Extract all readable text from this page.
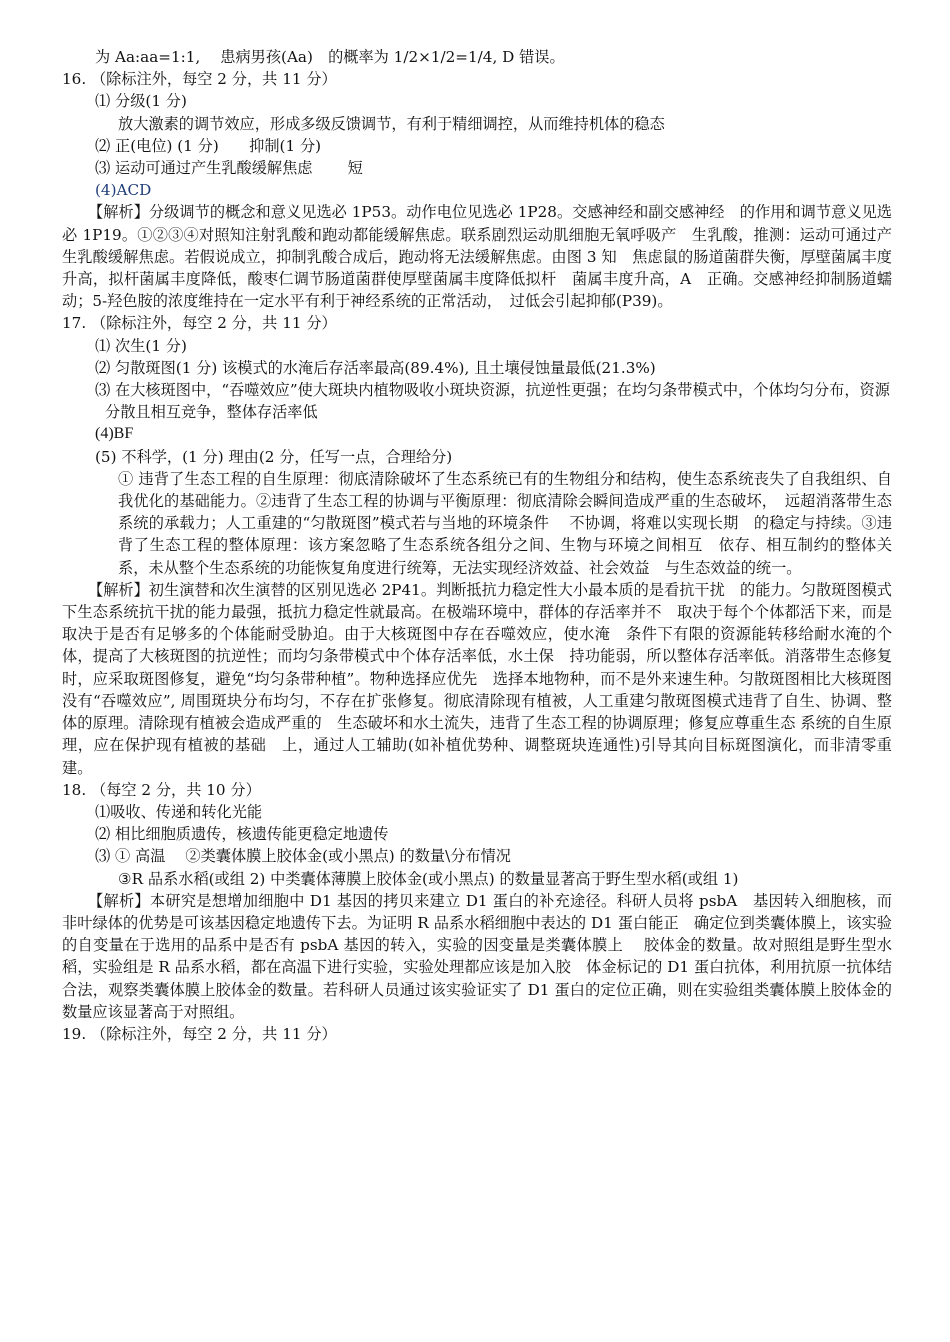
为 Aa:aa=1:1,　 患病男孩(Aa)　的概率为 1/2×1/2=1/4, D 错误。
16. （除标注外，每空 2 分，共 11 分）
⑴ 分级(1 分)
放大激素的调节效应，形成多级反馈调节，有利于精细调控，从而维持机体的稳态
⑵ 正(电位) (1 分)　　抑制(1 分)
⑶ 运动可通过产生乳酸缓解焦虑　　 短
(4)ACD
【解析】分级调节的概念和意义见选必 1P53。动作电位见选必 1P28。交感神经和副交感神经　的作用和调节意义见选必 1P19。①②③④对照知注射乳酸和跑动都能缓解焦虑。联系剧烈运动肌细胞无氧呼吸产　生乳酸，推测：运动可通过产生乳酸缓解焦虑。若假说成立，抑制乳酸合成后，跑动将无法缓解焦虑。由图 3 知　焦虑鼠的肠道菌群失衡，厚壁菌属丰度升高，拟杆菌属丰度降低，酸枣仁调节肠道菌群使厚壁菌属丰度降低拟杆　菌属丰度升高，A　正确。交感神经抑制肠道蠕动；5-羟色胺的浓度维持在一定水平有利于神经系统的正常活动，　过低会引起抑郁(P39)。
17. （除标注外，每空 2 分，共 11 分）
⑴ 次生(1 分)
⑵ 匀散斑图(1 分) 该模式的水淹后存活率最高(89.4%), 且土壤侵蚀量最低(21.3%)
⑶ 在大核斑图中，“吞噬效应”使大斑块内植物吸收小斑块资源，抗逆性更强；在均匀条带模式中，个体均匀分布，资源分散且相互竞争，整体存活率低
(4)BF
(5) 不科学，(1 分) 理由(2 分，任写一点，合理给分)
① 违背了生态工程的自生原理：彻底清除破坏了生态系统已有的生物组分和结构，使生态系统丧失了自我组织、自我优化的基础能力。②违背了生态工程的协调与平衡原理：彻底清除会瞬间造成严重的生态破坏，　远超消落带生态系统的承载力；人工重建的“匀散斑图”模式若与当地的环境条件　 不协调，将难以实现长期　的稳定与持续。③违背了生态工程的整体原理：该方案忽略了生态系统各组分之间、生物与环境之间相互　依存、相互制约的整体关系，未从整个生态系统的功能恢复角度进行统筹，无法实现经济效益、社会效益　与生态效益的统一。
【解析】初生演替和次生演替的区别见选必 2P41。判断抵抗力稳定性大小最本质的是看抗干扰　的能力。匀散斑图模式下生态系统抗干扰的能力最强，抵抗力稳定性就最高。在极端环境中，群体的存活率并不　取决于每个个体都活下来，而是取决于是否有足够多的个体能耐受胁迫。由于大核斑图中存在吞噬效应，使水淹　条件下有限的资源能转移给耐水淹的个体，提高了大核斑图的抗逆性；而均匀条带模式中个体存活率低，水土保　持功能弱，所以整体存活率低。消落带生态修复时，应采取斑图修复，避免“均匀条带种植”。物种选择应优先　选择本地物种，而不是外来速生种。匀散斑图相比大核斑图没有“吞噬效应”, 周围斑块分布均匀，不存在扩张修复。彻底清除现有植被，人工重建匀散斑图模式违背了自生、协调、整体的原理。清除现有植被会造成严重的　生态破坏和水土流失，违背了生态工程的协调原理；修复应尊重生态 系统的自生原理，应在保护现有植被的基础　上，通过人工辅助(如补植优势种、调整斑块连通性)引导其向目标斑图演化，而非清零重建。
18. （每空 2 分，共 10 分）
⑴吸收、传递和转化光能
⑵ 相比细胞质遗传，核遗传能更稳定地遗传
⑶ ① 高温　 ②类囊体膜上胶体金(或小黑点) 的数量\分布情况
③R 品系水稻(或组 2) 中类囊体薄膜上胶体金(或小黑点) 的数量显著高于野生型水稻(或组 1)
【解析】本研究是想增加细胞中 D1 基因的拷贝来建立 D1 蛋白的补充途径。科研人员将 psbA　基因转入细胞核，而非叶绿体的优势是可该基因稳定地遗传下去。为证明 R 品系水稻细胞中表达的 D1 蛋白能正　确定位到类囊体膜上，该实验的自变量在于选用的品系中是否有 psbA 基因的转入，实验的因变量是类囊体膜上　 胶体金的数量。故对照组是野生型水稻，实验组是 R 品系水稻，都在高温下进行实验，实验处理都应该是加入胶　体金标记的 D1 蛋白抗体，利用抗原一抗体结合法，观察类囊体膜上胶体金的数量。若科研人员通过该实验证实了 D1 蛋白的定位正确，则在实验组类囊体膜上胶体金的数量应该显著高于对照组。
19. （除标注外，每空 2 分，共 11 分）
